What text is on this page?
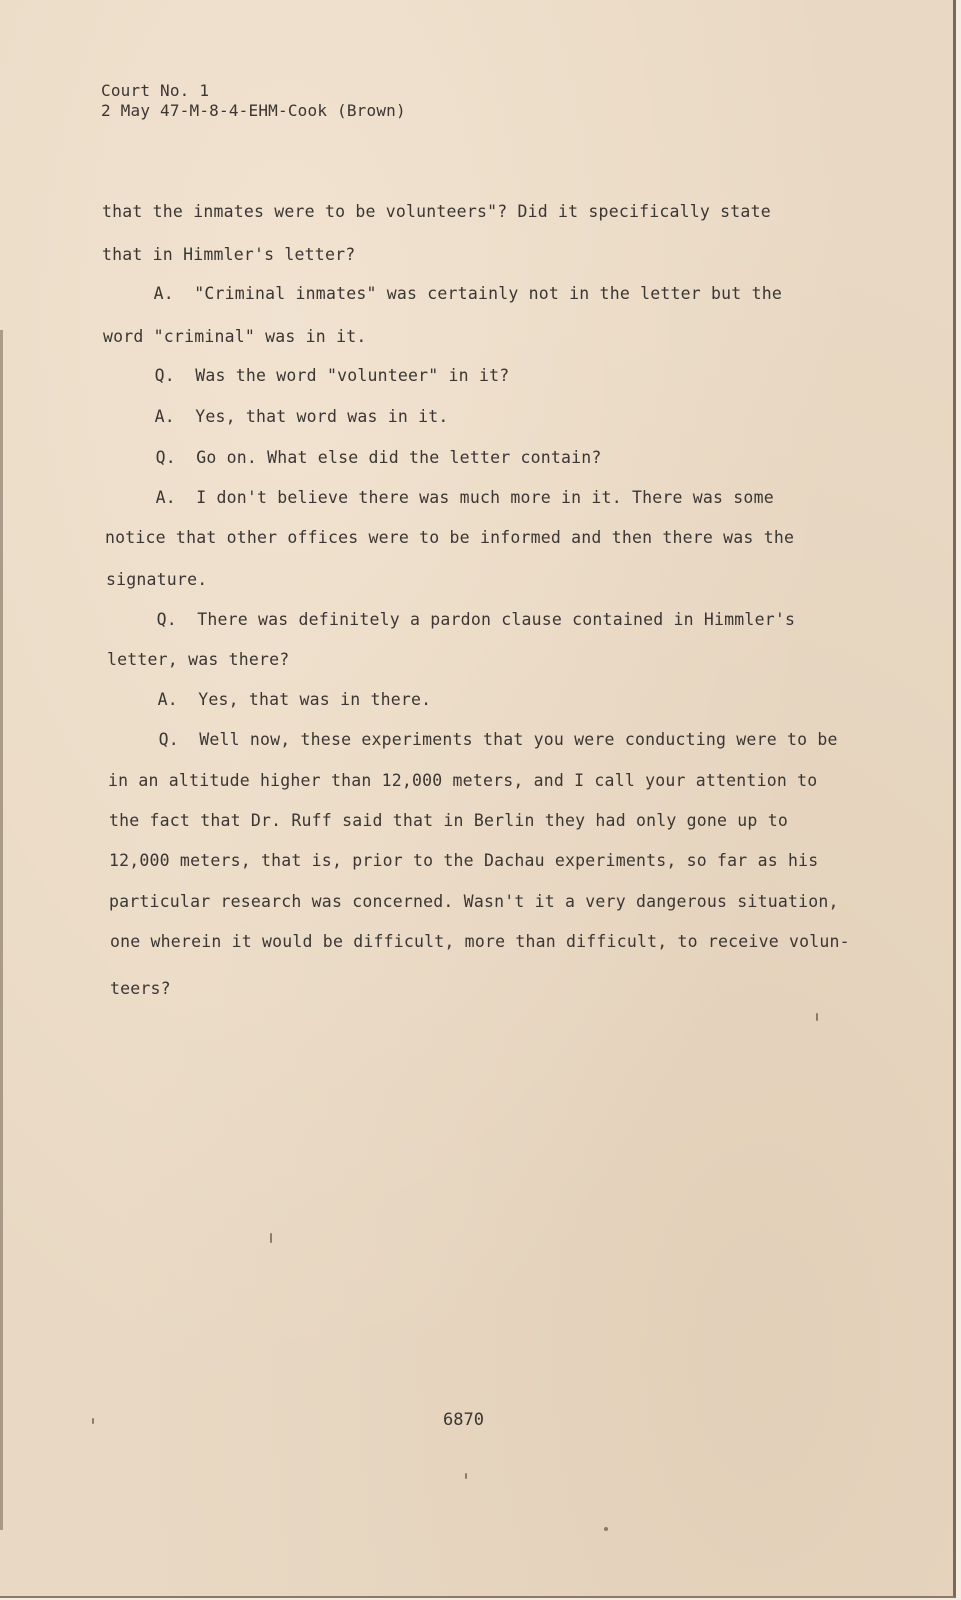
Court No. 1
2 May 47-M-8-4-EHM-Cook (Brown)
that the inmates were to be volunteers"? Did it specifically state
that in Himmler's letter?
A.  "Criminal inmates" was certainly not in the letter but the
word "criminal" was in it.
Q.  Was the word "volunteer" in it?
A.  Yes, that word was in it.
Q.  Go on. What else did the letter contain?
A.  I don't believe there was much more in it. There was some
notice that other offices were to be informed and then there was the
signature.
Q.  There was definitely a pardon clause contained in Himmler's
letter, was there?
A.  Yes, that was in there.
Q.  Well now, these experiments that you were conducting were to be
in an altitude higher than 12,000 meters, and I call your attention to
the fact that Dr. Ruff said that in Berlin they had only gone up to
12,000 meters, that is, prior to the Dachau experiments, so far as his
particular research was concerned. Wasn't it a very dangerous situation,
one wherein it would be difficult, more than difficult, to receive volun-
teers?
6870
